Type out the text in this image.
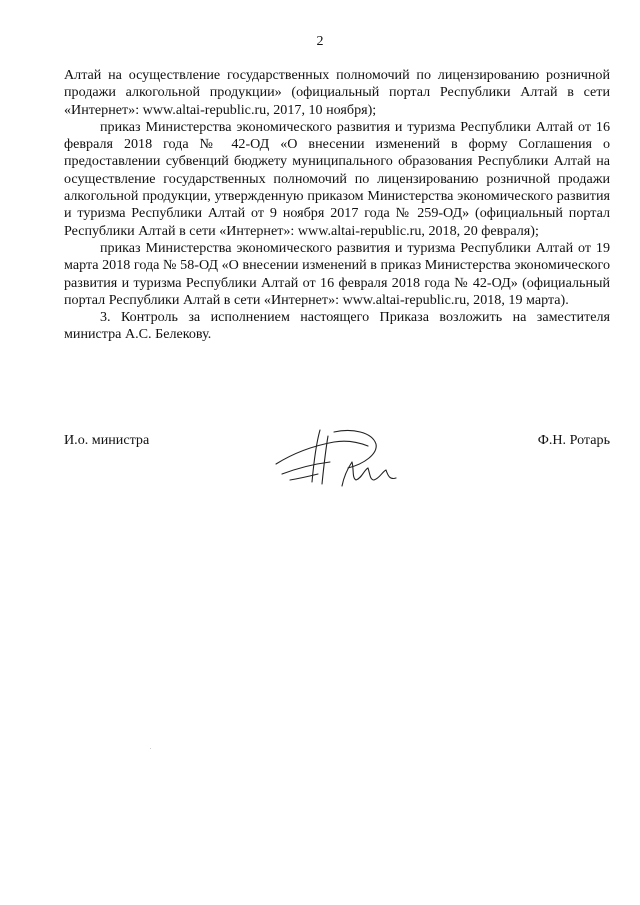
2

Алтай на осуществление государственных полномочий по лицензированию розничной продажи алкогольной продукции» (официальный портал Республики Алтай в сети «Интернет»: www.altai-republic.ru, 2017, 10 ноября);

приказ Министерства экономического развития и туризма Республики Алтай от 16 февраля 2018 года № 42-ОД «О внесении изменений в форму Соглашения о предоставлении субвенций бюджету муниципального образования Республики Алтай на осуществление государственных полномочий по лицензированию розничной продажи алкогольной продукции, утвержденную приказом Министерства экономического развития и туризма Республики Алтай от 9 ноября 2017 года № 259-ОД» (официальный портал Республики Алтай в сети «Интернет»: www.altai-republic.ru, 2018, 20 февраля);

приказ Министерства экономического развития и туризма Республики Алтай от 19 марта 2018 года № 58-ОД «О внесении изменений в приказ Министерства экономического развития и туризма Республики Алтай от 16 февраля 2018 года № 42-ОД» (официальный портал Республики Алтай в сети «Интернет»: www.altai-republic.ru, 2018, 19 марта).

3. Контроль за исполнением настоящего Приказа возложить на заместителя министра А.С. Белекову.

И.о. министра	Ф.Н. Ротарь
